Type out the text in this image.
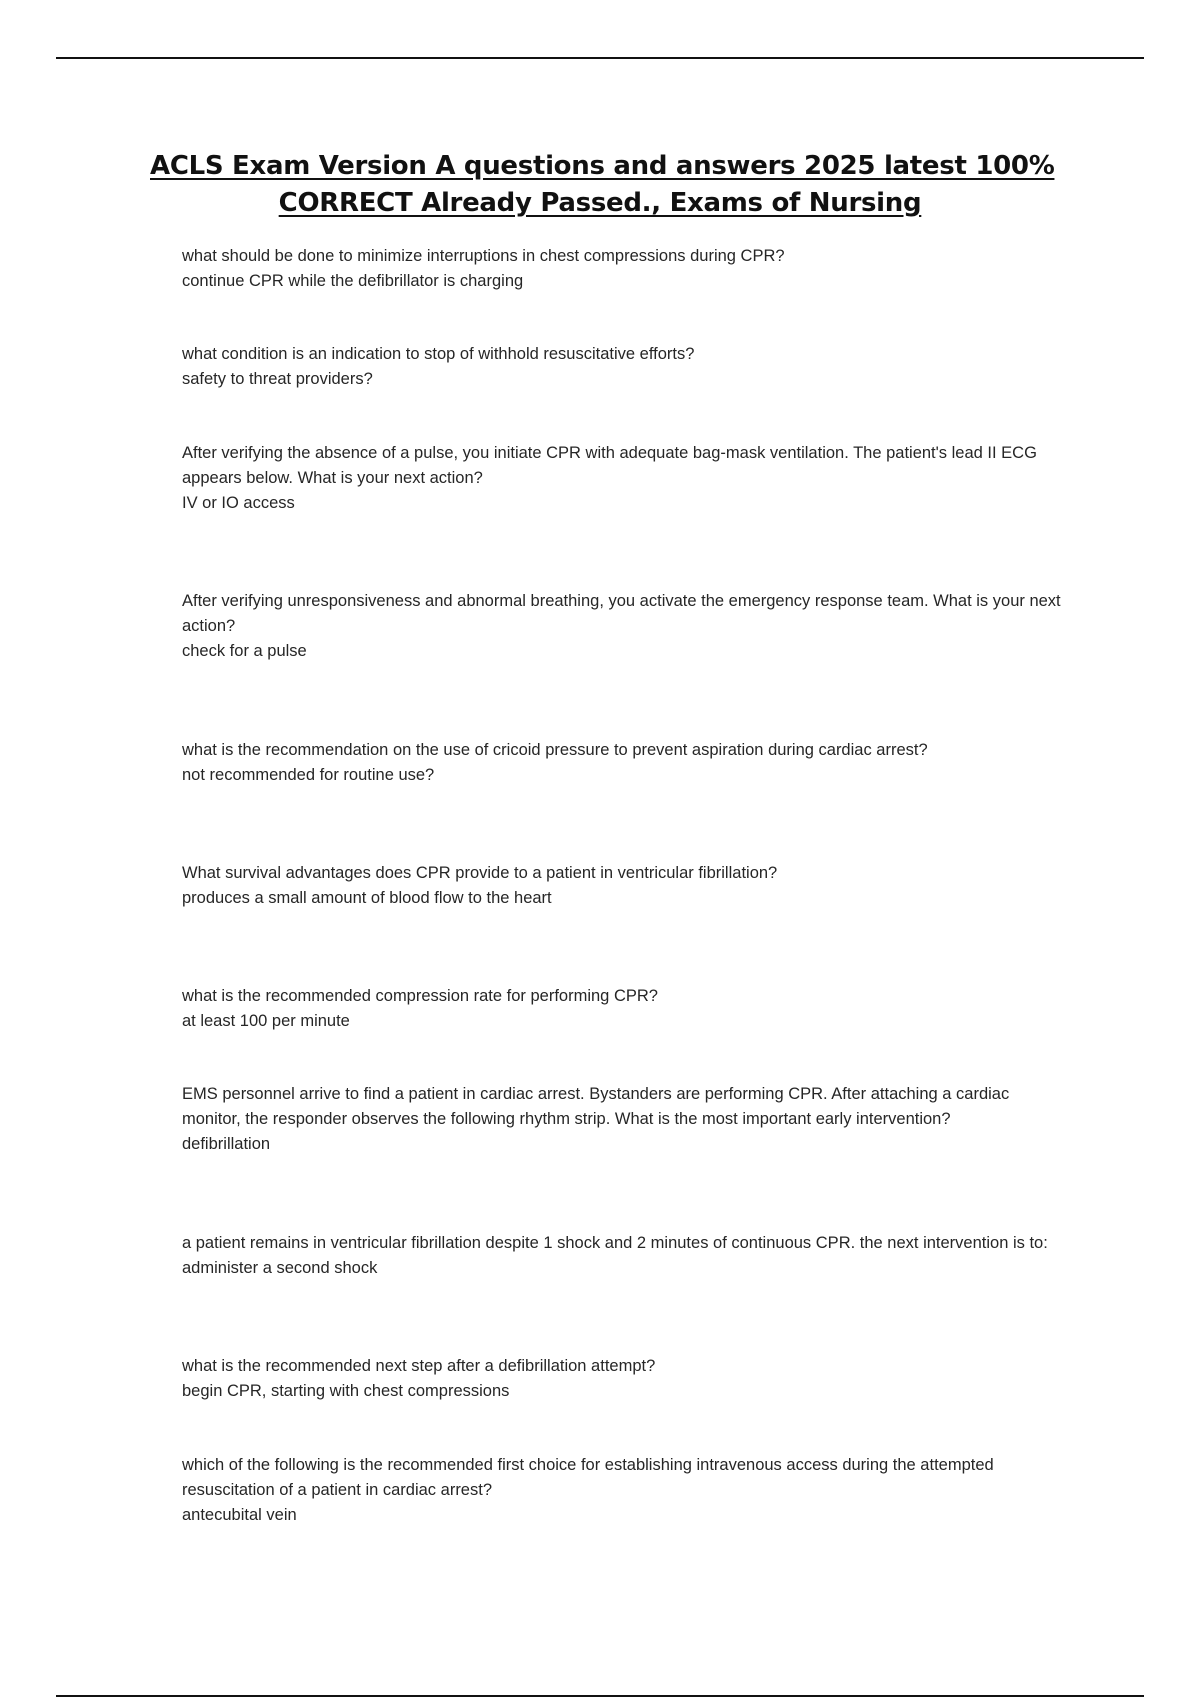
ACLS Exam Version A questions and answers 2025 latest 100%
CORRECT Already Passed., Exams of Nursing
what should be done to minimize interruptions in chest compressions during CPR?
continue CPR while the defibrillator is charging
what condition is an indication to stop of withhold resuscitative efforts?
safety to threat providers?
After verifying the absence of a pulse, you initiate CPR with adequate bag-mask ventilation. The patient's lead II ECG appears below. What is your next action?
IV or IO access
After verifying unresponsiveness and abnormal breathing, you activate the emergency response team. What is your next action?
check for a pulse
what is the recommendation on the use of cricoid pressure to prevent aspiration during cardiac arrest?
not recommended for routine use?
What survival advantages does CPR provide to a patient in ventricular fibrillation?
produces a small amount of blood flow to the heart
what is the recommended compression rate for performing CPR?
at least 100 per minute
EMS personnel arrive to find a patient in cardiac arrest. Bystanders are performing CPR. After attaching a cardiac monitor, the responder observes the following rhythm strip. What is the most important early intervention?
defibrillation
a patient remains in ventricular fibrillation despite 1 shock and 2 minutes of continuous CPR. the next intervention is to:
administer a second shock
what is the recommended next step after a defibrillation attempt?
begin CPR, starting with chest compressions
which of the following is the recommended first choice for establishing intravenous access during the attempted resuscitation of a patient in cardiac arrest?
antecubital vein
